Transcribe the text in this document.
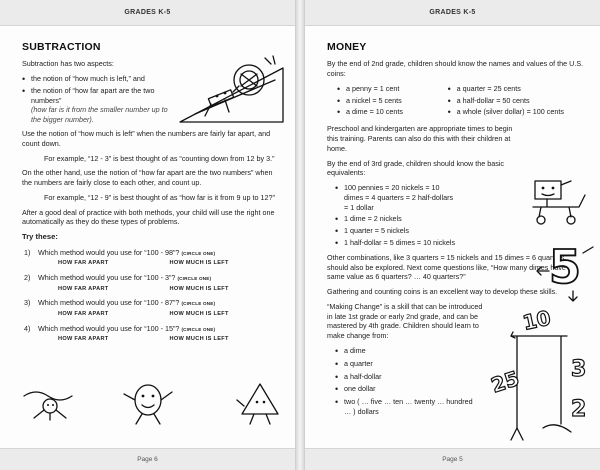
GRADES K-5
SUBTRACTION

Subtraction has two aspects:

• the notion of “how much is left,” and
• the notion of “how far apart are the two numbers”
(how far is it from the smaller number up to the bigger number).

Use the notion of “how much is left” when the numbers are fairly far apart, and count down.

For example, “12 - 3” is best thought of as “counting down from 12 by 3.”

On the other hand, use the notion of “how far apart are the two numbers” when the numbers are fairly close to each other, and count up.

For example, “12 - 9” is best thought of as “how far is it from 9 up to 12?”

After a good deal of practice with both methods, your child will use the right one automatically as they do these types of problems.

Try these:
1)	Which method would you use for “100 - 98”? (CIRCLE ONE)
HOW FAR APART	HOW MUCH IS LEFT
2)	Which method would you use for “100 - 3”? (CIRCLE ONE)
HOW FAR APART	HOW MUCH IS LEFT
3)	Which method would you use for “100 - 87”? (CIRCLE ONE)
HOW FAR APART	HOW MUCH IS LEFT
4)	Which method would you use for “100 - 15”? (CIRCLE ONE)
HOW FAR APART	HOW MUCH IS LEFT
Page 6
GRADES K-5
MONEY

By the end of 2nd grade, children should know the names and values of the U.S. coins:

• a penny = 1 cent
• a nickel = 5 cents
• a dime = 10 cents
• a quarter = 25 cents
• a half-dollar = 50 cents
• a whole (silver dollar) = 100 cents

Preschool and kindergarten are appropriate times to begin this training. Parents can also do this with their children at home.

By the end of 3rd grade, children should know the basic equivalents:

• 100 pennies = 20 nickels = 10 dimes = 4 quarters = 2 half-dollars = 1 dollar
• 1 dime = 2 nickels
• 1 quarter = 5 nickels
• 1 half-dollar = 5 dimes = 10 nickels

Other combinations, like 3 quarters = 15 nickels and 15 dimes = 6 quarters, should also be explored. Next come questions like, “How many dimes have the same value as 6 quarters? … 40 quarters?”

Gathering and counting coins is an excellent way to develop these skills.

“Making Change” is a skill that can be introduced in late 1st grade or early 2nd grade, and can be mastered by 4th grade. Children should learn to make change from:

• a dime
• a quarter
• a half-dollar
• one dollar
• two ( … five … ten … twenty … hundred … ) dollars
5
10
25 3
2
Page 5
